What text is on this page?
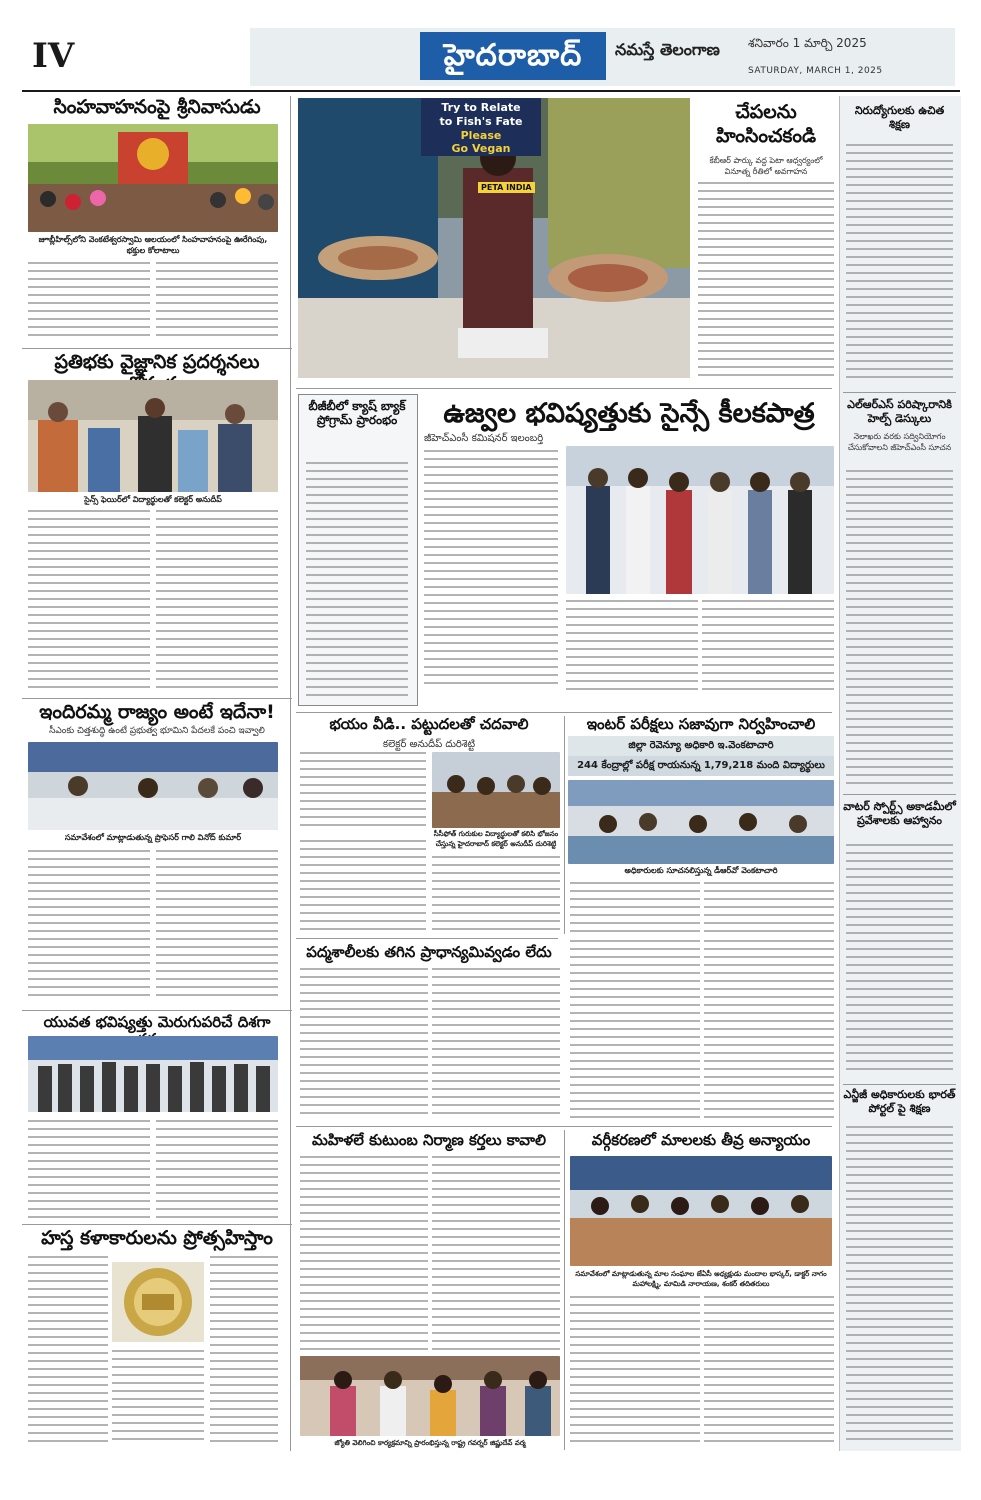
IV	హైదరాబాద్	నమస్తే తెలంగాణ శనివారం 1 మార్చి 2025
SATURDAY, MARCH 1, 2025
సింహవాహనంపై శ్రీనివాసుడు
జూబ్లీహిల్స్‌లోని వెంకటేశ్వరస్వామి ఆలయంలో సింహవాహనంపై ఊరేగింపు, భక్తుల కోలాటాలు
ప్రతిభకు వైజ్ఞానిక ప్రదర్శనలు
సైన్స్ ఫెయిర్‌లో విద్యార్థులతో కలెక్టర్ అనుదీప్
ఇందిరమ్మ రాజ్యం అంటే ఇదేనా!
సీఎంకు చిత్తశుద్ధి ఉంటే ప్రభుత్వ భూమిని పేదలకే పంచి ఇవ్వాలి
సమావేశంలో మాట్లాడుతున్న ప్రొఫెసర్ గాలి వినోద్ కుమార్
యువత భవిష్యత్తు మెరుగుపరిచే దిశగా
హస్త కళాకారులను ప్రోత్సహిస్తాం
Try to Relate
to Fish's Fate
Please
Go Vegan
PETA INDIA
చేపలను
హింసించకండి
కేబీఆర్ పార్కు వద్ద పెటా ఆధ్వర్యంలో వినూత్న రీతిలో అవగాహన
బీజీబీలో క్యాష్ బ్యాక్ ప్రోగ్రామ్ ప్రారంభం	ఉజ్వల భవిష్యత్తుకు సైన్సే కీలకపాత్ర
జీహెచ్ఎంసీ కమిషనర్ ఇలంబర్తి
భయం వీడి.. పట్టుదలతో చదవాలి
కలెక్టర్ అనుదీప్ దురిశెట్టి
సీసీఫోత్ గురుకుల విద్యార్థులతో కలిసి భోజనం చేస్తున్న హైదరాబాద్ కలెక్టర్ అనుదీప్ దురిశెట్టి
ఇంటర్ పరీక్షలు సజావుగా నిర్వహించాలి
జిల్లా రెవెన్యూ అధికారి ఇ.వెంకటాచారి
244 కేంద్రాల్లో పరీక్ష రాయనున్న 1,79,218 మంది విద్యార్థులు
అధికారులకు సూచనలిస్తున్న డీఆర్‌వో వెంకటాచారి
పద్మశాలీలకు తగిన ప్రాధాన్యమివ్వడం లేదు
మహిళలే కుటుంబ నిర్మాణ కర్తలు కావాలి
జ్యోతి వెలిగించి కార్యక్రమాన్ని ప్రారంభిస్తున్న రాష్ట్ర గవర్నర్ జిష్ణుదేవ్ వర్మ
వర్గీకరణలో మాలలకు తీవ్ర అన్యాయం
సమావేశంలో మాట్లాడుతున్న మాల సంఘాల జేఏసీ అధ్యక్షుడు మందాల భాస్కర్, డాక్టర్ నాగం మహాలక్ష్మి, మామిడి నారాయణ, శంకర్ తదితరులు
నిరుద్యోగులకు ఉచిత శిక్షణ
ఎల్‌ఆర్‌ఎస్ పరిష్కారానికి హెల్ప్ డెస్కులు
నెలాఖరు వరకు సద్వినియోగం చేసుకోవాలని జీహెచ్ఎంసీ సూచన
వాటర్ స్పోర్ట్స్ అకాడమీలో ప్రవేశాలకు ఆహ్వానం
ఎన్జీజీ అధికారులకు భారత్ పోర్టల్ పై శిక్షణ
